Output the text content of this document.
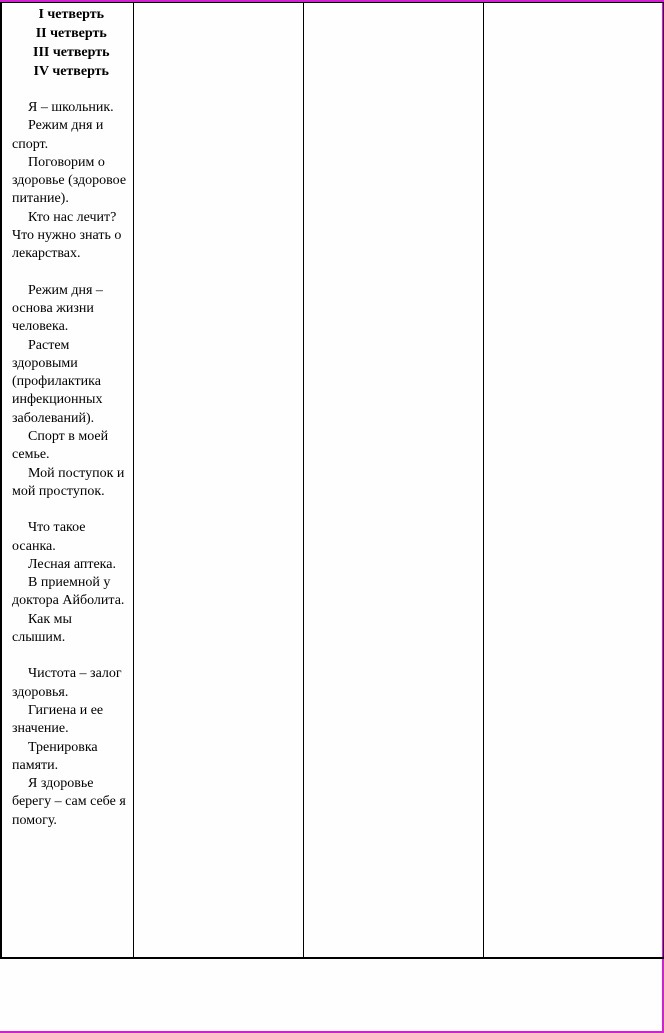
I четверть
II четверть
III четверть
IV четверть
Я – школьник.
Режим дня и спорт.
Поговорим о здоровье (здоровое питание).
Кто нас лечит? Что нужно знать о лекарствах.
Режим дня – основа жизни человека.
Растем здоровыми (профилактика инфекционных заболеваний).
Спорт в моей семье.
Мой поступок и мой проступок.
Что такое осанка.
Лесная аптека.
В приемной у доктора Айболита.
Как мы слышим.
Чистота – залог здоровья.
Гигиена и ее значение.
Тренировка памяти.
Я здоровье берегу – сам себе я помогу.
